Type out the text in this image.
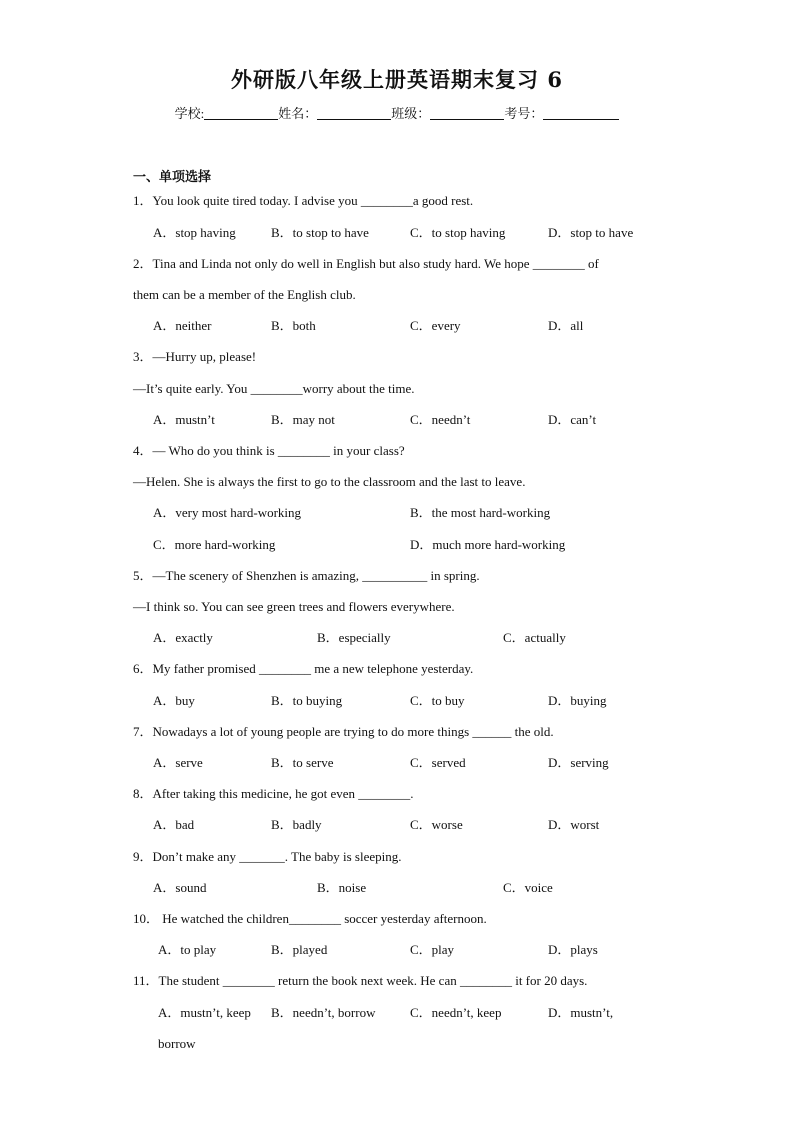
外研版八年级上册英语期末复习 6
学校:	姓名：	班级：	考号：
一、单项选择
1．You look quite tired today. I advise you ________a good rest.
A．stop having	B．to stop to have	C．to stop having	D．stop to have
2．Tina and Linda not only do well in English but also study hard. We hope ________ of
them can be a member of the English club.
A．neither	B．both	C．every	D．all
3．—Hurry up, please!
—It’s quite early. You ________worry about the time.
A．mustn’t	B．may not	C．needn’t	D．can’t
4．— Who do you think is ________ in your class?
—Helen. She is always the first to go to the classroom and the last to leave.
A．very most hard-working	B．the most hard-working
C．more hard-working	D．much more hard-working
5．—The scenery of Shenzhen is amazing, __________ in spring.
—I think so. You can see green trees and flowers everywhere.
A．exactly	B．especially	C．actually
6．My father promised ________ me a new telephone yesterday.
A．buy	B．to buying	C．to buy	D．buying
7．Nowadays a lot of young people are trying to do more things ______ the old.
A．serve	B．to serve	C．served	D．serving
8．After taking this medicine, he got even ________.
A．bad	B．badly	C．worse	D．worst
9．Don’t make any _______. The baby is sleeping.
A．sound	B．noise	C．voice
10． He watched the children________ soccer yesterday afternoon.
A．to play	B．played	C．play	D．plays
11．The student ________ return the book next week. He can ________ it for 20 days.
A．mustn’t, keep B．needn’t, borrow	C．needn’t, keep	D．mustn’t,
borrow
